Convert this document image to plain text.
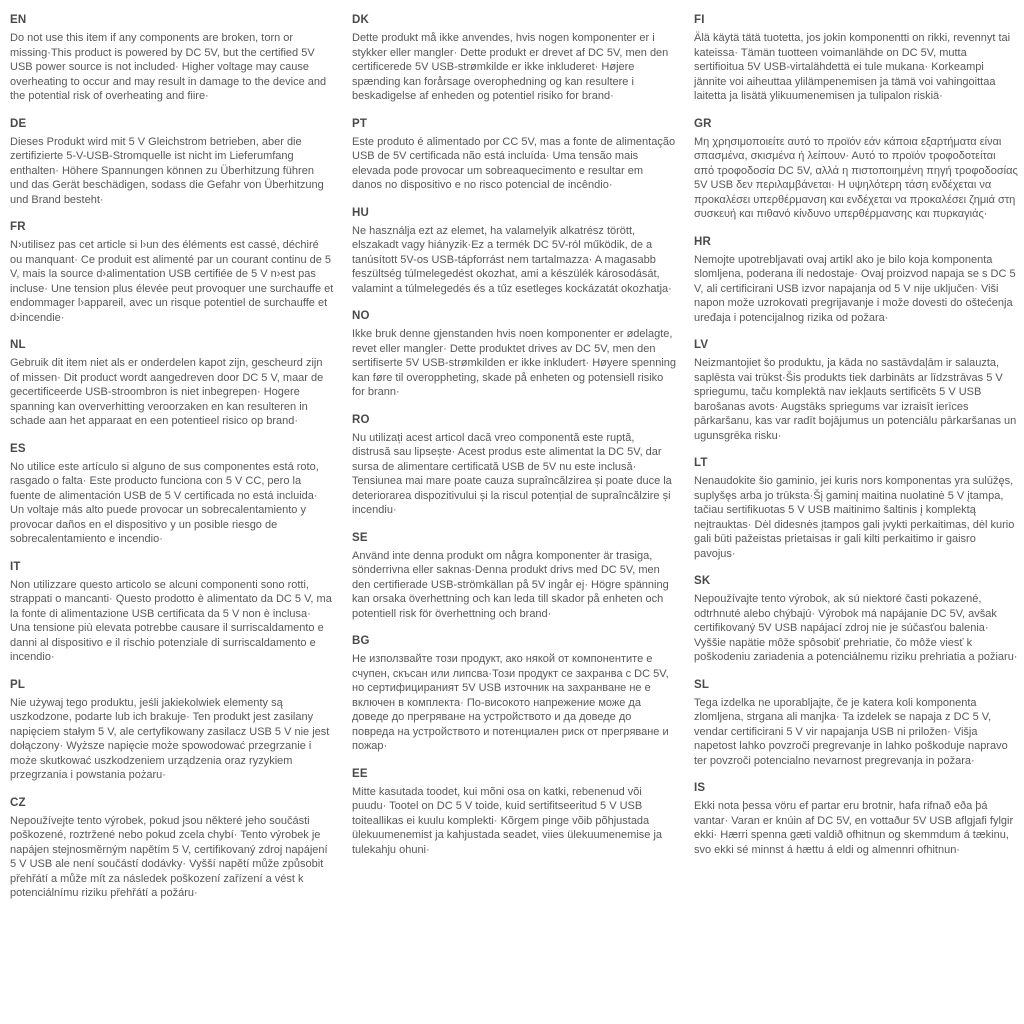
EN

Do not use this item if any components are broken, torn or missing·This product is powered by DC 5V, but the certified 5V USB power source is not included· Higher voltage may cause overheating to occur and may result in damage to the device and the potential risk of overheating and fiire·

DE

Dieses Produkt wird mit 5 V Gleichstrom betrieben, aber die zertifizierte 5-V-USB-Stromquelle ist nicht im Lieferumfang enthalten· Höhere Spannungen können zu Überhitzung führen und das Gerät beschädigen, sodass die Gefahr von Überhitzung und Brand besteht·

FR

N›utilisez pas cet article si l›un des éléments est cassé, déchiré ou manquant· Ce produit est alimenté par un courant continu de 5 V, mais la source d›alimentation USB certifiée de 5 V n›est pas incluse· Une tension plus élevée peut provoquer une surchauffe et endommager l›appareil, avec un risque potentiel de surchauffe et d›incendie·

NL

Gebruik dit item niet als er onderdelen kapot zijn, gescheurd zijn of missen· Dit product wordt aangedreven door DC 5 V, maar de gecertificeerde USB-stroombron is niet inbegrepen· Hogere spanning kan oververhitting veroorzaken en kan resulteren in schade aan het apparaat en een potentieel risico op brand·

ES

No utilice este artículo si alguno de sus componentes está roto, rasgado o falta· Este producto funciona con 5 V CC, pero la fuente de alimentación USB de 5 V certificada no está incluida· Un voltaje más alto puede provocar un sobrecalentamiento y provocar daños en el dispositivo y un posible riesgo de sobrecalentamiento e incendio·

IT

Non utilizzare questo articolo se alcuni componenti sono rotti, strappati o mancanti· Questo prodotto è alimentato da DC 5 V, ma la fonte di alimentazione USB certificata da 5 V non è inclusa· Una tensione più elevata potrebbe causare il surriscaldamento e danni al dispositivo e il rischio potenziale di surriscaldamento e incendio·

PL

Nie używaj tego produktu, jeśli jakiekolwiek elementy są uszkodzone, podarte lub ich brakuje· Ten produkt jest zasilany napięciem stałym 5 V, ale certyfikowany zasilacz USB 5 V nie jest dołączony· Wyższe napięcie może spowodować przegrzanie i może skutkować uszkodzeniem urządzenia oraz ryzykiem przegrzania i powstania pożaru·

CZ

Nepoužívejte tento výrobek, pokud jsou některé jeho součásti poškozené, roztržené nebo pokud zcela chybí· Tento výrobek je napájen stejnosměrným napětím 5 V, certifikovaný zdroj napájení 5 V USB ale není součástí dodávky· Vyšší napětí může způsobit přehřátí a může mít za následek poškození zařízení a vést k potenciálnímu riziku přehřátí a požáru·

DK

Dette produkt må ikke anvendes, hvis nogen komponenter er i stykker eller mangler· Dette produkt er drevet af DC 5V, men den certificerede 5V USB-strømkilde er ikke inkluderet· Højere spænding kan forårsage overophedning og kan resultere i beskadigelse af enheden og potentiel risiko for brand·

PT

Este produto é alimentado por CC 5V, mas a fonte de alimentação USB de 5V certificada não está incluída· Uma tensão mais elevada pode provocar um sobreaquecimento e resultar em danos no dispositivo e no risco potencial de incêndio·

HU

Ne használja ezt az elemet, ha valamelyik alkatrész törött, elszakadt vagy hiányzik·Ez a termék DC 5V-ról működik, de a tanúsított 5V-os USB-tápforrást nem tartalmazza· A magasabb feszültség túlmelegedést okozhat, ami a készülék károsodását, valamint a túlmelegedés és a tűz esetleges kockázatát okozhatja·

NO

Ikke bruk denne gjenstanden hvis noen komponenter er ødelagte, revet eller mangler· Dette produktet drives av DC 5V, men den sertifiserte 5V USB-strømkilden er ikke inkludert· Høyere spenning kan føre til overoppheting, skade på enheten og potensiell risiko for brann·

RO

Nu utilizați acest articol dacă vreo componentă este ruptă, distrusă sau lipsește· Acest produs este alimentat la DC 5V, dar sursa de alimentare certificată USB de 5V nu este inclusă· Tensiunea mai mare poate cauza supraîncălzirea și poate duce la deteriorarea dispozitivului și la riscul potențial de supraîncălzire și incendiu·

SE

Använd inte denna produkt om några komponenter är trasiga, sönderrivna eller saknas·Denna produkt drivs med DC 5V, men den certifierade USB-strömkällan på 5V ingår ej· Högre spänning kan orsaka överhettning och kan leda till skador på enheten och potentiell risk för överhettning och brand·

BG

Не използвайте този продукт, ако някой от компонентите е счупен, скъсан или липсва·Този продукт се захранва с DC 5V, но сертифицираният 5V USB източник на захранване не е включен в комплекта· По-високото напрежение може да доведе до прегряване на устройството и да доведе до повреда на устройството и потенциален риск от прегряване и пожар·

EE

Mitte kasutada toodet, kui mõni osa on katki, rebenenud või puudu· Tootel on DC 5 V toide, kuid sertifitseeritud 5 V USB toiteallikas ei kuulu komplekti· Kõrgem pinge võib põhjustada ülekuumenemist ja kahjustada seadet, viies ülekuumenemise ja tulekahju ohuni·

FI

Älä käytä tätä tuotetta, jos jokin komponentti on rikki, revennyt tai kateissa· Tämän tuotteen voimanlähde on DC 5V, mutta sertifioitua 5V USB-virtalähdettä ei tule mukana· Korkeampi jännite voi aiheuttaa ylilämpenemisen ja tämä voi vahingoittaa laitetta ja lisätä ylikuumenemisen ja tulipalon riskiä·

GR

Μη χρησιμοποιείτε αυτό το προϊόν εάν κάποια εξαρτήματα είναι σπασμένα, σκισμένα ή λείπουν· Αυτό το προϊόν τροφοδοτείται από τροφοδοσία DC 5V, αλλά η πιστοποιημένη πηγή τροφοδοσίας 5V USB δεν περιλαμβάνεται· Η υψηλότερη τάση ενδέχεται να προκαλέσει υπερθέρμανση και ενδέχεται να προκαλέσει ζημιά στη συσκευή και πιθανό κίνδυνο υπερθέρμανσης και πυρκαγιάς·

HR

Nemojte upotrebljavati ovaj artikl ako je bilo koja komponenta slomljena, poderana ili nedostaje· Ovaj proizvod napaja se s DC 5 V, ali certificirani USB izvor napajanja od 5 V nije uključen· Viši napon može uzrokovati pregrijavanje i može dovesti do oštećenja uređaja i potencijalnog rizika od požara·

LV

Neizmantojiet šo produktu, ja kāda no sastāvdaļām ir salauzta, saplēsta vai trūkst·Šis produkts tiek darbināts ar līdzstrāvas 5 V spriegumu, taču komplektā nav iekļauts sertificēts 5 V USB barošanas avots· Augstāks spriegums var izraisīt ierīces pārkaršanu, kas var radīt bojājumus un potenciālu pārkaršanas un ugunsgrēka risku·

LT

Nenaudokite šio gaminio, jei kuris nors komponentas yra sulūžęs, suplyšęs arba jo trūksta·Šį gaminį maitina nuolatinė 5 V įtampa, tačiau sertifikuotas 5 V USB maitinimo šaltinis į komplektą neįtrauktas· Dėl didesnės įtampos gali įvykti perkaitimas, dėl kurio gali būti pažeistas prietaisas ir gali kilti perkaitimo ir gaisro pavojus·

SK

Nepoužívajte tento výrobok, ak sú niektoré časti pokazené, odtrhnuté alebo chýbajú· Výrobok má napájanie DC 5V, avšak certifikovaný 5V USB napájací zdroj nie je súčasťou balenia· Vyššie napätie môže spôsobiť prehriatie, čo môže viesť k poškodeniu zariadenia a potenciálnemu riziku prehriatia a požiaru·

SL

Tega izdelka ne uporabljajte, če je katera koli komponenta zlomljena, strgana ali manjka· Ta izdelek se napaja z DC 5 V, vendar certificirani 5 V vir napajanja USB ni priložen· Višja napetost lahko povzroči pregrevanje in lahko poškoduje napravo ter povzroči potencialno nevarnost pregrevanja in požara·

IS

Ekki nota þessa vöru ef partar eru brotnir, hafa rifnað eða þá vantar· Varan er knúin af DC 5V, en vottaður 5V USB aflgjafi fylgir ekki· Hærri spenna gæti valdið ofhitnun og skemmdum á tækinu, svo ekki sé minnst á hættu á eldi og almennri ofhitnun·
